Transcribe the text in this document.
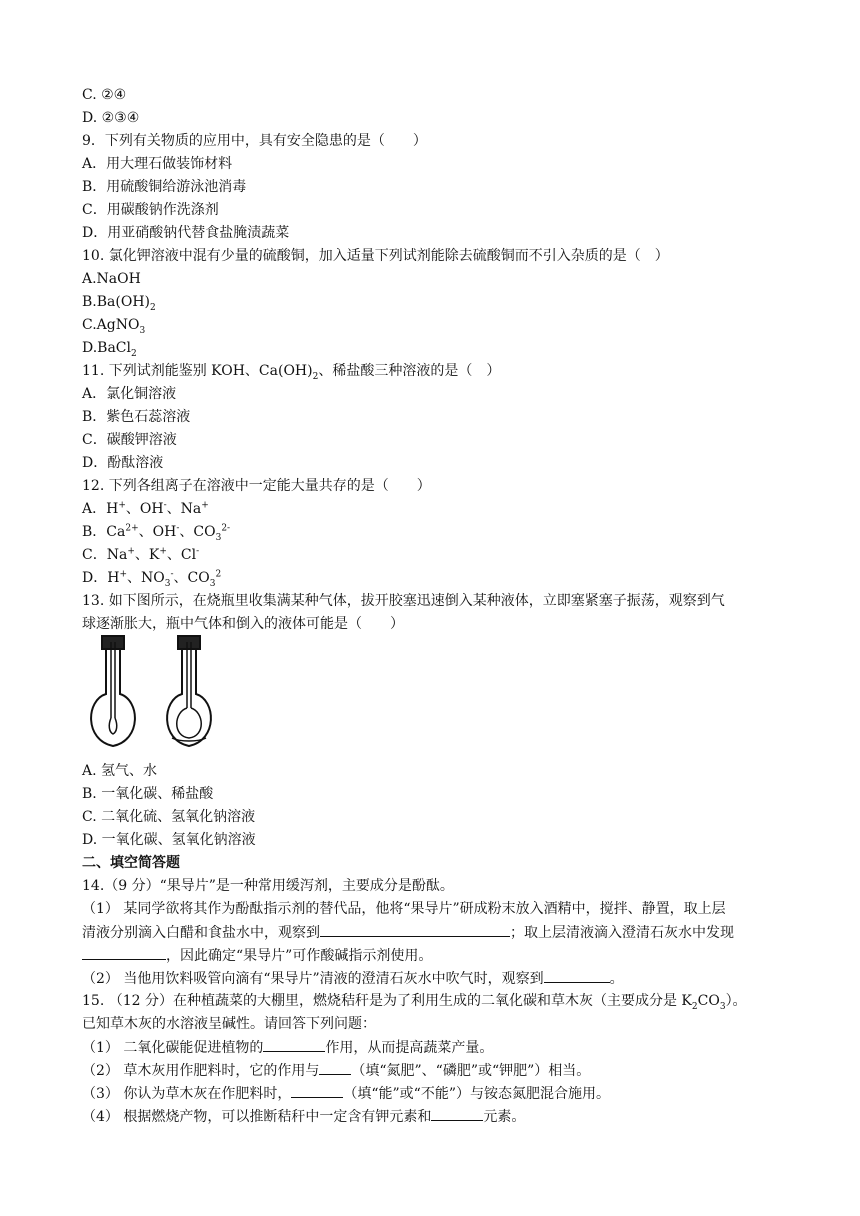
C. ②④
D. ②③④
9．下列有关物质的应用中，具有安全隐患的是（　　）
A．用大理石做装饰材料
B．用硫酸铜给游泳池消毒
C．用碳酸钠作洗涤剂
D．用亚硝酸钠代替食盐腌渍蔬菜
10. 氯化钾溶液中混有少量的硫酸铜，加入适量下列试剂能除去硫酸铜而不引入杂质的是（　）
A.NaOH
$B.Ba(OH)_2$
C.AgNO$_3$
D.BaCl$_2$
11. 下列试剂能鉴别 KOH、$Ca(OH)_2$、稀盐酸三种溶液的是（　）
A．氯化铜溶液
B．紫色石蕊溶液
C．碳酸钾溶液
D．酚酞溶液
12. 下列各组离子在溶液中一定能大量共存的是（　　）
A．H+、OH-、Na+
B．$Ca^{2+}$、OH-、$CO_3^{2-}$
C．Na+、K+、Cl-
D．H+、$NO_3^-$、$CO_3^2$
13. 如下图所示，在烧瓶里收集满某种气体，拔开胶塞迅速倒入某种液体，立即塞紧塞子振荡，观察到气
球逐渐胀大，瓶中气体和倒入的液体可能是（　　）
A. 氢气、水
B. 一氧化碳、稀盐酸
C. 二氧化硫、氢氧化钠溶液
D. 一氧化碳、氢氧化钠溶液
二、填空简答题
14.（9 分）“果导片”是一种常用缓泻剂，主要成分是酚酞。
（1） 某同学欲将其作为酚酞指示剂的替代品，他将“果导片”研成粉末放入酒精中，搅拌、静置，取上层
清液分别滴入白醋和食盐水中，观察到	；取上层清液滴入澄清石灰水中发现
，因此确定“果导片”可作酸碱指示剂使用。
（2） 当他用饮料吸管向滴有“果导片”清液的澄清石灰水中吹气时，观察到	。
15. （12 分）在种植蔬菜的大棚里，燃烧秸秆是为了利用生成的二氧化碳和草木灰（主要成分是 $K_2CO_3$）。
已知草木灰的水溶液呈碱性。请回答下列问题：
（1） 二氧化碳能促进植物的	作用，从而提高蔬菜产量。
（2） 草木灰用作肥料时，它的作用与 （填“氮肥”、“磷肥”或“钾肥”）相当。
（3） 你认为草木灰在作肥料时，	（填“能”或“不能”）与铵态氮肥混合施用。
（4） 根据燃烧产物，可以推断秸秆中一定含有钾元素和	元素。
